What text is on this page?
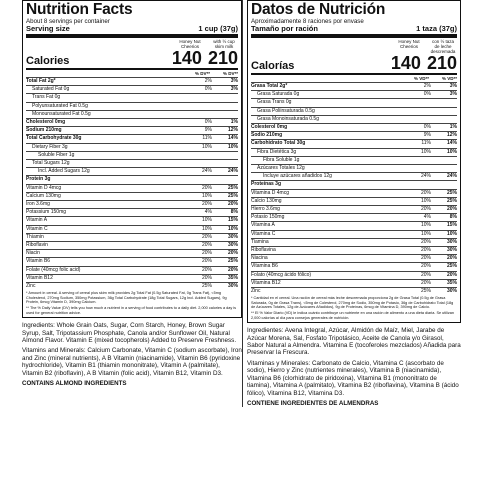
Nutrition Facts
About 8 servings per container
Serving size	1 cup (37g)
Honey Nut Cheerios
with ½ cup skim milk
Calories	140 210
% DV**	% DV**
Total Fat 2g*	2%	3%
Saturated Fat 0g	0%	3%
Trans Fat 0g
Polyunsaturated Fat 0.5g
Monounsaturated Fat 0.5g
Cholesterol 0mg	0%	1%
Sodium 210mg	9%	12%
Total Carbohydrate 30g	11%	14%
Dietary Fiber 3g	10%	10%
Soluble Fiber 1g
Total Sugars 12g
Incl. Added Sugars 12g	24%	24%
Protein 3g
Vitamin D 4mcg	20%	25%
Calcium 130mg	10%	25%
Iron 3.6mg	20%	20%
Potassium 150mg	4%	8%
Vitamin A	10%	15%
Vitamin C	10%	10%
Thiamin	20%	30%
Riboflavin	20%	30%
Niacin	20%	20%
Vitamin B6	20%	25%
Folate (40mcg folic acid)	20%	20%
Vitamin B12	20%	35%
Zinc	25%	30%
* Amount in cereal. A serving of cereal plus skim milk provides 2g Total Fat (0.5g Saturated Fat, 0g Trans Fat), <5mg Cholesterol, 270mg Sodium, 350mg Potassium, 36g Total Carbohydrate (18g Total Sugars, 12g Incl. Added Sugars), 9g Protein, 6mcg Vitamin D, 390mg Calcium.
** The % Daily Value (DV) tells you how much a nutrient in a serving of food contributes to a daily diet. 2,000 calories a day is used for general nutrition advice.

Ingredients: Whole Grain Oats, Sugar, Corn Starch, Honey, Brown Sugar Syrup, Salt, Tripotassium Phosphate, Canola and/or Sunflower Oil, Natural Almond Flavor. Vitamin E (mixed tocopherols) Added to Preserve Freshness.

Vitamins and Minerals: Calcium Carbonate, Vitamin C (sodium ascorbate), Iron and Zinc (mineral nutrients), A B Vitamin (niacinamide), Vitamin B6 (pyridoxine hydrochloride), Vitamin B1 (thiamin mononitrate), Vitamin A (palmitate), Vitamin B2 (riboflavin), A B Vitamin (folic acid), Vitamin B12, Vitamin D3.

CONTAINS ALMOND INGREDIENTS
Datos de Nutrición
Aproximadamente 8 raciones por envase
Tamaño por ración	1 taza (37g)
Honey Nut Cheerios
con ½ taza de leche descremada
Calorías	140 210
% VD**	% VD**
Grasa Total 2g*	2%	3%
Grasa Saturada 0g	0%	3%
Grasa Trans 0g
Grasa Poliinsaturada 0.5g
Grasa Monoinsaturada 0.5g
Colesterol 0mg	0%	1%
Sodio 210mg	9%	12%
Carbohidrato Total 30g	11%	14%
Fibra Dietética 3g	10%	10%
Fibra Soluble 1g
Azúcares Totales 12g
Incluye azúcares añadidos 12g	24%	24%
Proteínas 3g
Vitamina D 4mcg	20%	25%
Calcio 130mg	10%	25%
Hierro 3.6mg	20%	20%
Potasio 150mg	4%	8%
Vitamina A	10%	15%
Vitamina C	10%	10%
Tiamina	20%	30%
Riboflavina	20%	30%
Niacina	20%	20%
Vitamina B6	20%	25%
Folato (40mcg ácido fólico)	20%	20%
Vitamina B12	20%	35%
Zinc	25%	30%
* Cantidad en el cereal. Una ración de cereal más leche descremada proporciona 2g de Grasa Total (0.5g de Grasa Saturada, 0g de Grasa Trans), <5mg de Colesterol, 270mg de Sodio, 350mg de Potasio, 36g de Carbohidrato Total (18g de Azúcares Totales, 12g de Azúcares Añadidos), 9g de Proteínas, 6mcg de Vitamina D, 390mg de Calcio.
** El % Valor Diario (VD) le indica cuánto contribuye un nutriente en una ración de alimento a una dieta diaria. Se utilizan 2,000 calorías al día para consejos generales de nutrición.

Ingredientes: Avena Integral, Azúcar, Almidón de Maíz, Miel, Jarabe de Azúcar Morena, Sal, Fosfato Tripotásico, Aceite de Canola y/o Girasol, Sabor Natural a Almendra. Vitamina E (tocoferoles mezclados) Añadida para Preservar la Frescura.

Vitaminas y Minerales: Carbonato de Calcio, Vitamina C (ascorbato de sodio), Hierro y Zinc (nutrientes minerales), Vitamina B (niacinamida), Vitamina B6 (clorhidrato de piridoxina), Vitamina B1 (mononitrato de tiamina), Vitamina A (palmitato), Vitamina B2 (riboflavina), Vitamina B (ácido fólico), Vitamina B12, Vitamina D3.

CONTIENE INGREDIENTES DE ALMENDRAS
